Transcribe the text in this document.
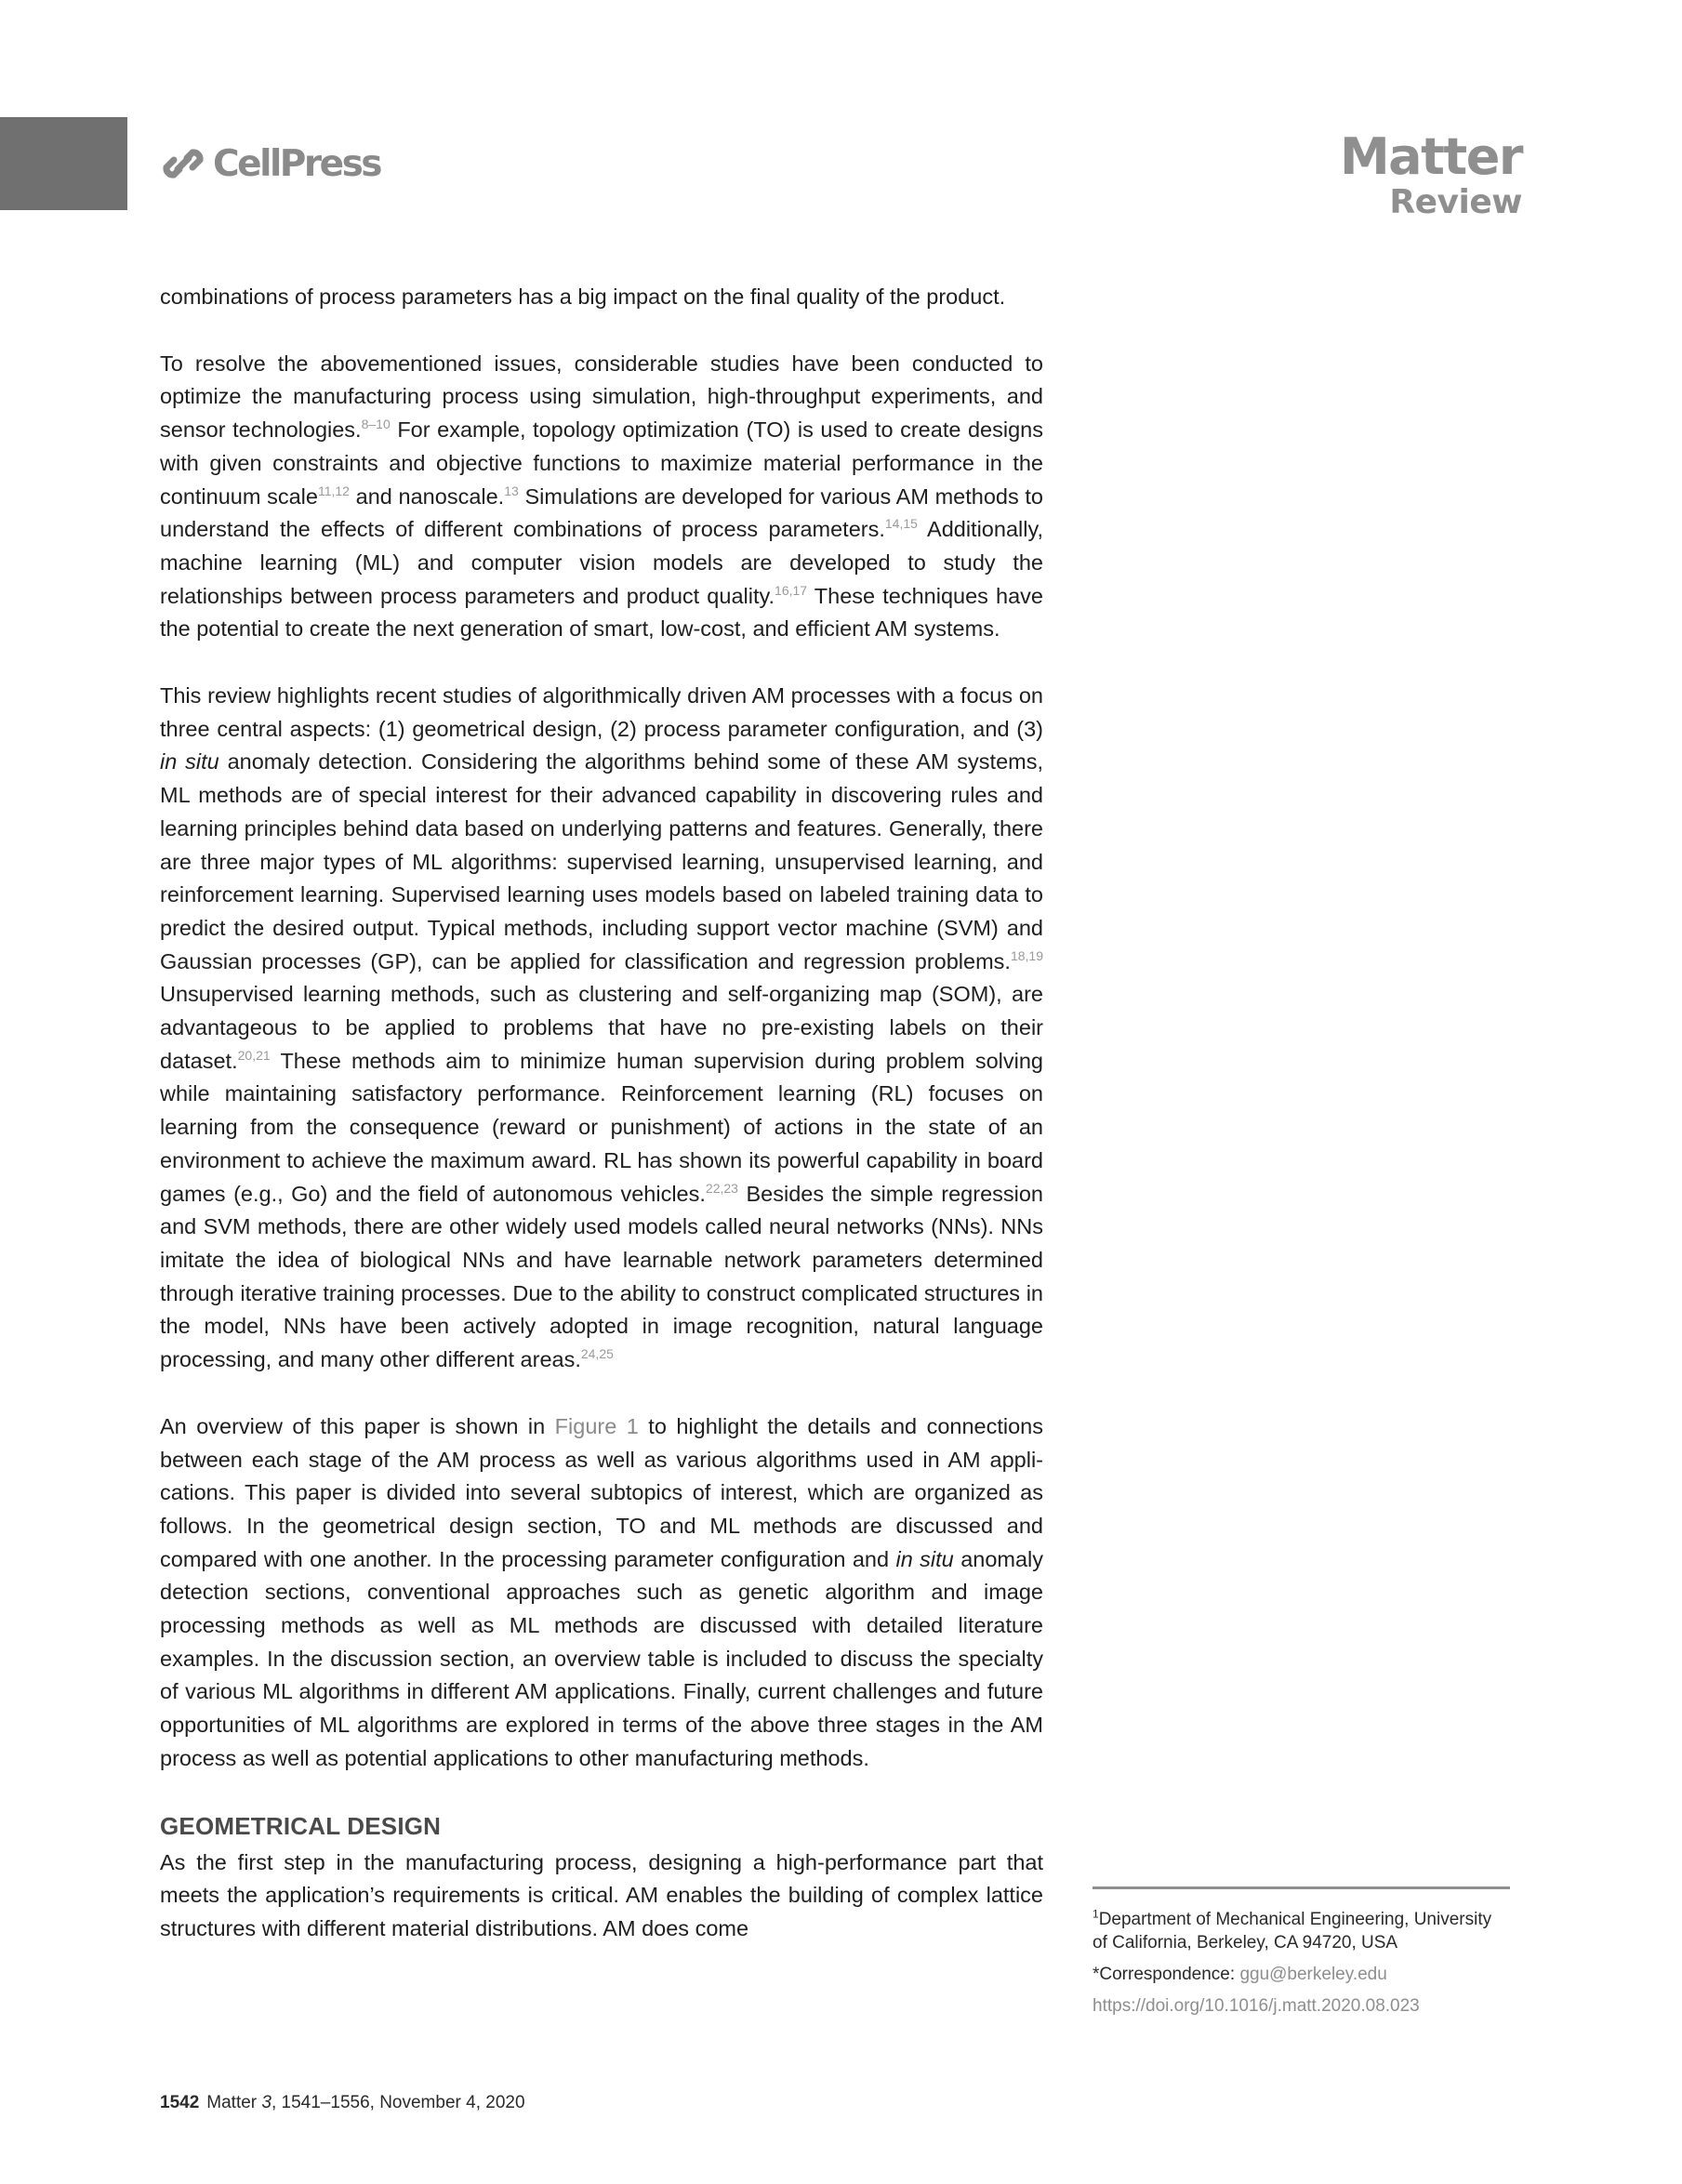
CellPress	Matter
Review

combinations of process parameters has a big impact on the final quality of the product.

To resolve the abovementioned issues, considerable studies have been conducted to optimize the manufacturing process using simulation, high-throughput experiments, and sensor technologies.$^{8-10}$ For example, topology optimization (TO) is used to create designs with given constraints and objective functions to maximize material performance in the continuum scale$^{11,12}$ and nanoscale.$^{13}$ Simulations are developed for various AM methods to understand the effects of different combinations of process parameters.$^{14,15}$ Additionally, machine learning (ML) and computer vision models are developed to study the relationships between process parameters and product quality.$^{16,17}$ These techniques have the potential to create the next generation of smart, low-cost, and efficient AM systems.

This review highlights recent studies of algorithmically driven AM processes with a focus on three central aspects: (1) geometrical design, (2) process parameter configuration, and (3) in situ anomaly detection. Considering the algorithms behind some of these AM systems, ML methods are of special interest for their advanced capability in discovering rules and learning principles behind data based on underlying patterns and features. Generally, there are three major types of ML algorithms: supervised learning, unsupervised learning, and reinforcement learning. Supervised learning uses models based on labeled training data to predict the desired output. Typical methods, including support vector machine (SVM) and Gaussian processes (GP), can be applied for classification and regression problems.$^{18,19}$ Unsupervised learning methods, such as clustering and self-organizing map (SOM), are advantageous to be applied to problems that have no pre-existing labels on their dataset.$^{20,21}$ These methods aim to minimize human supervision during problem solving while maintaining satisfactory performance. Reinforcement learning (RL) focuses on learning from the consequence (reward or punishment) of actions in the state of an environment to achieve the maximum award. RL has shown its powerful capability in board games (e.g., Go) and the field of autonomous vehicles.$^{22,23}$ Besides the simple regression and SVM methods, there are other widely used models called neural networks (NNs). NNs imitate the idea of biological NNs and have learnable network parameters determined through iterative training processes. Due to the ability to construct complicated structures in the model, NNs have been actively adopted in image recognition, natural language processing, and many other different areas.$^{24,25}$

An overview of this paper is shown in Figure 1 to highlight the details and connections between each stage of the AM process as well as various algorithms used in AM applications. This paper is divided into several subtopics of interest, which are organized as follows. In the geometrical design section, TO and ML methods are discussed and compared with one another. In the processing parameter configuration and in situ anomaly detection sections, conventional approaches such as genetic algorithm and image processing methods as well as ML methods are discussed with detailed literature examples. In the discussion section, an overview table is included to discuss the specialty of various ML algorithms in different AM applications. Finally, current challenges and future opportunities of ML algorithms are explored in terms of the above three stages in the AM process as well as potential applications to other manufacturing methods.

GEOMETRICAL DESIGN

As the first step in the manufacturing process, designing a high-performance part that meets the application’s requirements is critical. AM enables the building of complex lattice structures with different material distributions. AM does come

$^1$Department of Mechanical Engineering, University of California, Berkeley, CA 94720, USA

*Correspondence: ggu@berkeley.edu

https://doi.org/10.1016/j.matt.2020.08.023

1542 Matter 3, 1541–1556, November 4, 2020
